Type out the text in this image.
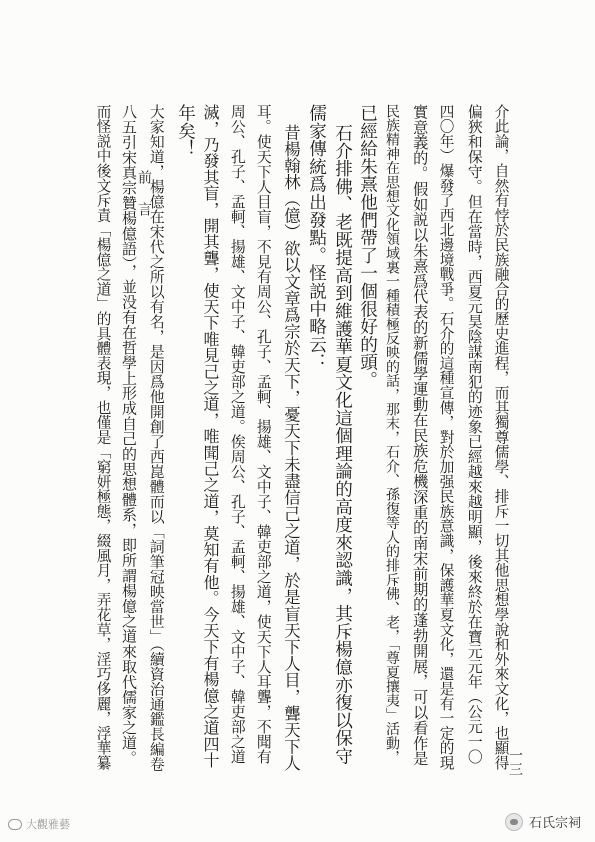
介此論，自然有悖於民族融合的歷史進程，而其獨尊儒學、排斥一切其他思想學說和外來文化，也顯得
偏狹和保守。但在當時，西夏元昊陰謀南犯的迹象已經越來越明顯，後來終於在寶元元年（公元一〇
四〇年）爆發了西北邊境戰爭。石介的這種宣傳，對於加强民族意識，保護華夏文化，還是有一定的現
實意義的。假如説以朱熹爲代表的新儒學運動在民族危機深重的南宋前期的蓬勃開展，可以看作是
民族精神在思想文化領域裏一種積極反映的話，那末，石介、孫復等人的排斥佛、老，「尊夏攘夷」活動，
已經給朱熹他們帶了一個很好的頭。
石介排佛、老既提高到維護華夏文化這個理論的高度來認識，其斥楊億亦復以保守
儒家傳統爲出發點。怪説中略云：
昔楊翰林（億）欲以文章爲宗於天下，憂天下未盡信己之道，於是盲天下人目，聾天下人
耳。使天下人目盲，不見有周公、孔子、孟軻、揚雄、文中子、韓吏部之道，使天下人耳聾，不聞有
周公、孔子、孟軻、揚雄、文中子、韓吏部之道。俟周公、孔子、孟軻、揚雄、文中子、韓吏部之道
滅，乃發其盲，開其聾，使天下唯見己之道，唯聞己之道，莫知有他。今天下有楊億之道四十
年矣！
大家知道，楊億在宋代之所以有名，是因爲他開創了西崑體而以「詞筆冠映當世」（續資治通鑑長編卷
八五引宋真宗贊楊億語），並没有在哲學上形成自己的思想體系，即所謂楊億之道來取代儒家之道。
而怪説中後文斥責「楊億之道」的具體表現，也僅是「窮妍極態，綴風月，弄花草，淫巧侈麗，浮華纂 前言
一三
大觀雅藝	石氏宗祠
